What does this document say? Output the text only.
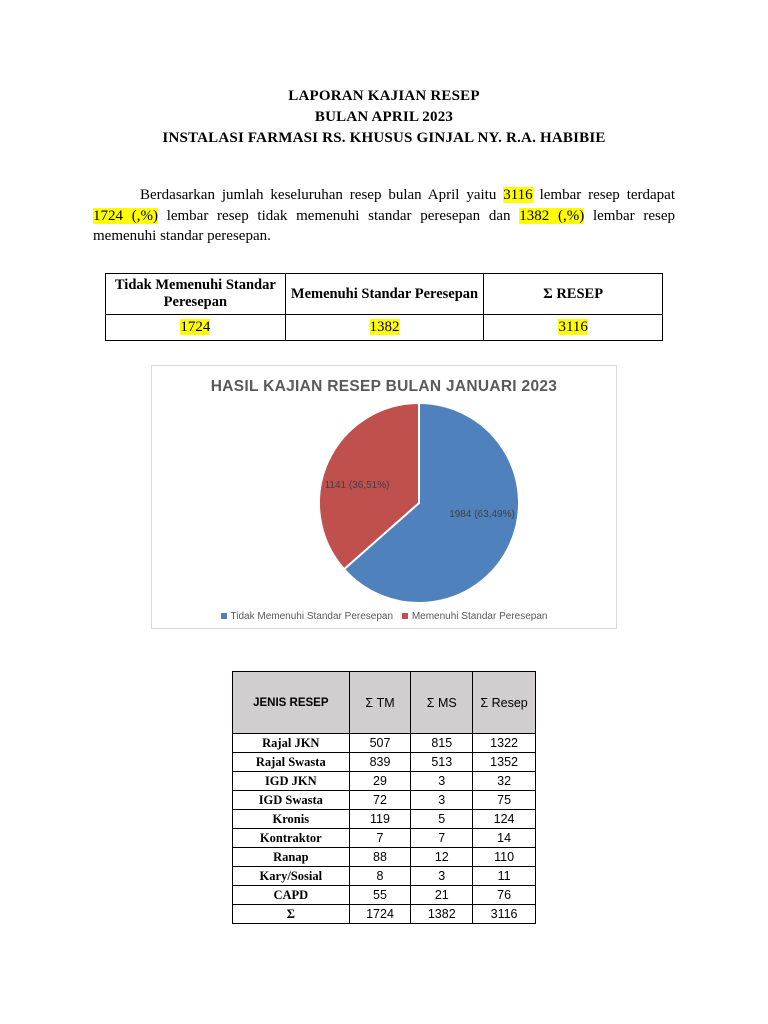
LAPORAN KAJIAN RESEP
BULAN APRIL 2023
INSTALASI FARMASI RS. KHUSUS GINJAL NY. R.A. HABIBIE
Berdasarkan jumlah keseluruhan resep bulan April yaitu 3116 lembar resep terdapat 1724 (,%) lembar resep tidak memenuhi standar peresepan dan 1382 (,%) lembar resep memenuhi standar peresepan.
Tidak Memenuhi Standar Peresepan	Memenuhi Standar Peresepan	Σ RESEP
1724	1382	3116
HASIL KAJIAN RESEP BULAN JANUARI 2023
1984 (63,49%)
1141 (36,51%)
Tidak Memenuhi Standar Peresepan Memenuhi Standar Peresepan
JENIS RESEP	Σ TM	Σ MS	Σ Resep
Rajal JKN	507	815	1322
Rajal Swasta	839	513	1352
IGD JKN	29	3	32
IGD Swasta	72	3	75
Kronis	119	5	124
Kontraktor	7	7	14
Ranap	88	12	110
Kary/Sosial	8	3	11
CAPD	55	21	76
Σ	1724	1382	3116
